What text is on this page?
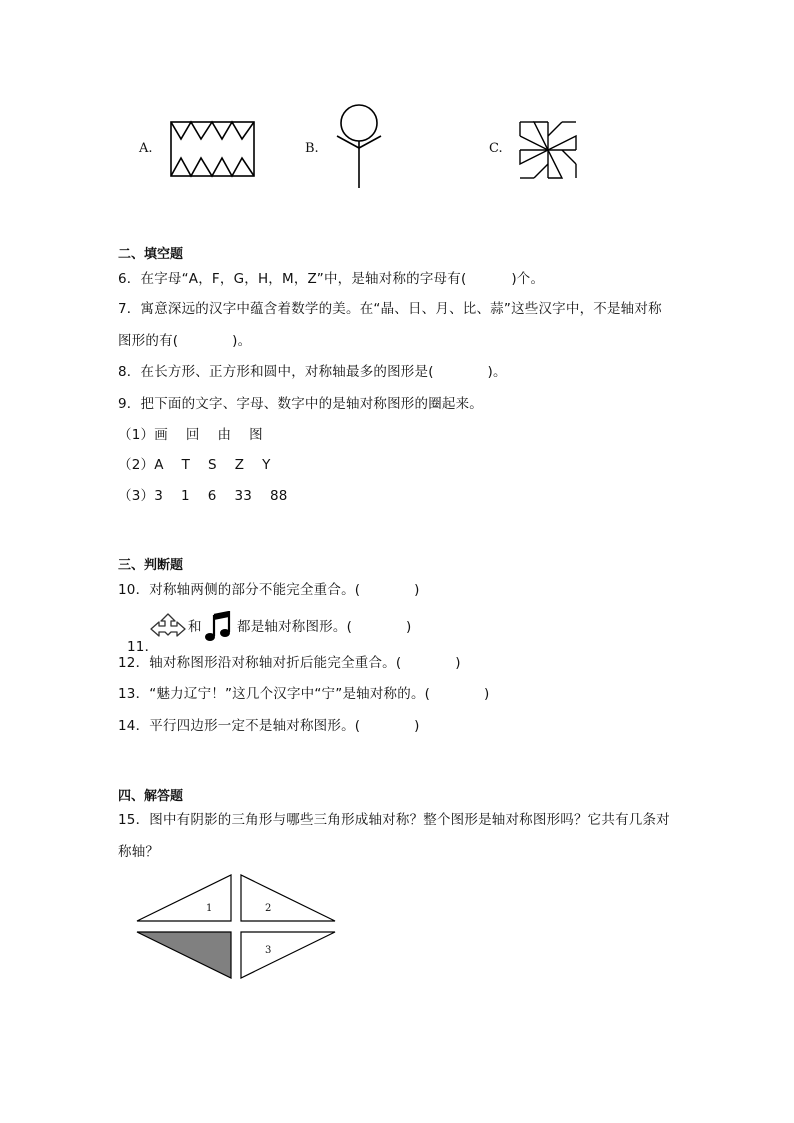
A.	B.	C.
二、填空题
6．在字母“A，F，G，H，M，Z”中，是轴对称的字母有(          )个。
7．寓意深远的汉字中蕴含着数学的美。在“晶、日、月、比、蒜”这些汉字中，不是轴对称
图形的有(            )。
8．在长方形、正方形和圆中，对称轴最多的图形是(            )。
9．把下面的文字、字母、数字中的是轴对称图形的圈起来。
（1）画    回    由    图
（2）A    T    S    Z    Y
（3）3    1    6    33    88
三、判断题
10．对称轴两侧的部分不能完全重合。(            )

11．

和	都是轴对称图形。(            )
12．轴对称图形沿对称轴对折后能完全重合。(            )
13．“魅力辽宁！”这几个汉字中“宁”是轴对称的。(            )
14．平行四边形一定不是轴对称图形。(            )
四、解答题
15．图中有阴影的三角形与哪些三角形成轴对称？整个图形是轴对称图形吗？它共有几条对
称轴？
1	2
3
